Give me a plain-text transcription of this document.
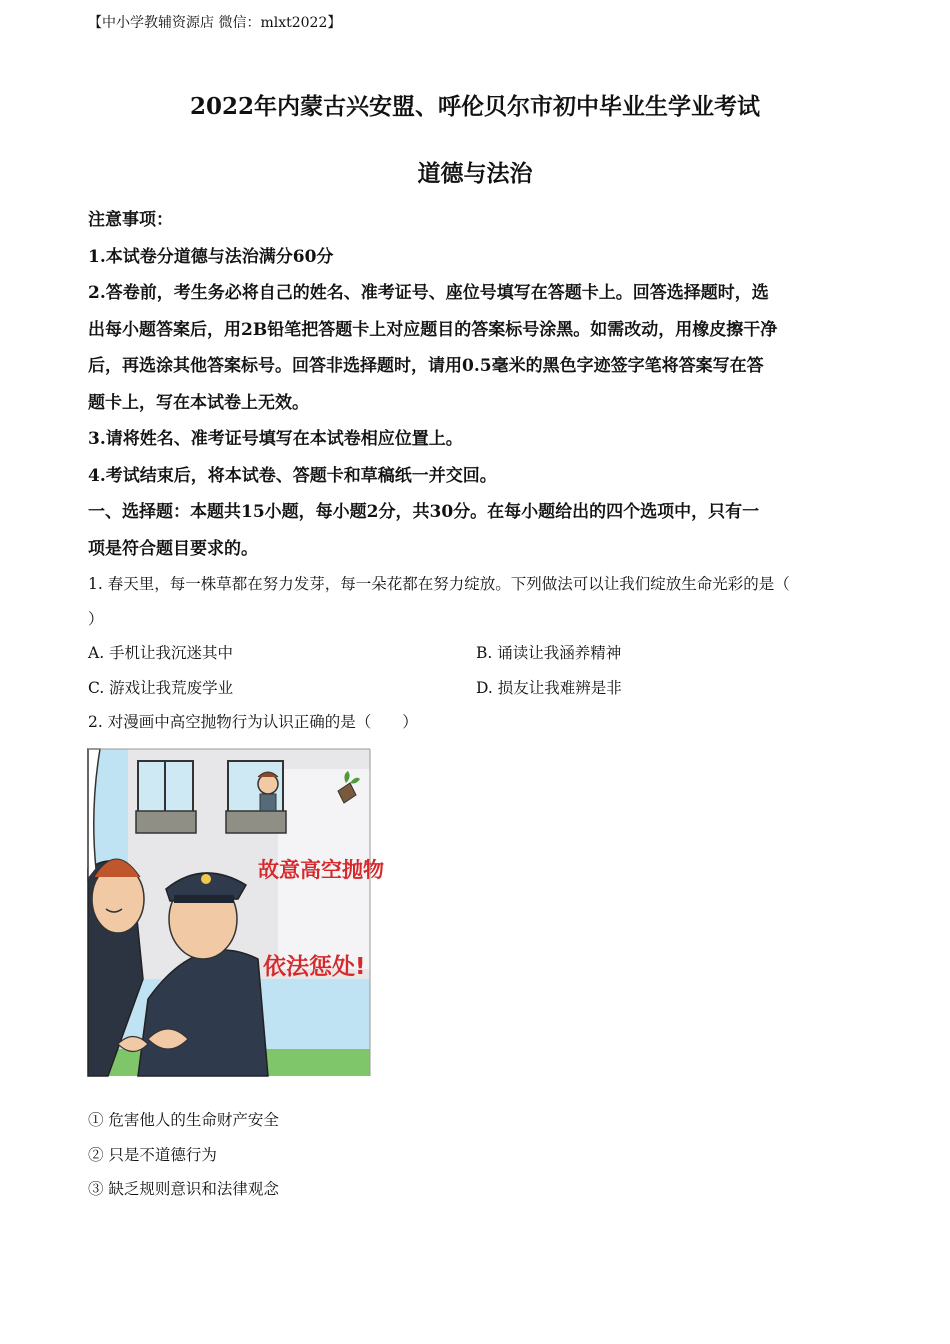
【中小学教辅资源店 微信：mlxt2022】
2022年内蒙古兴安盟、呼伦贝尔市初中毕业生学业考试
道德与法治

注意事项：

1.本试卷分道德与法治满分60分

2.答卷前，考生务必将自己的姓名、准考证号、座位号填写在答题卡上。回答选择题时，选

出每小题答案后，用2B铅笔把答题卡上对应题目的答案标号涂黑。如需改动，用橡皮擦干净

后，再选涂其他答案标号。回答非选择题时，请用0.5毫米的黑色字迹签字笔将答案写在答

题卡上，写在本试卷上无效。

3.请将姓名、准考证号填写在本试卷相应位置上。

4.考试结束后，将本试卷、答题卡和草稿纸一并交回。

一、选择题：本题共15小题，每小题2分，共30分。在每小题给出的四个选项中，只有一

项是符合题目要求的。

1. 春天里，每一株草都在努力发芽，每一朵花都在努力绽放。下列做法可以让我们绽放生命光彩的是（

）

A. 手机让我沉迷其中	B. 诵读让我涵养精神
C. 游戏让我荒废学业	D. 损友让我难辨是非

2. 对漫画中高空抛物行为认识正确的是（　　）

故意高空抛物
依法惩处!

① 危害他人的生命财产安全

② 只是不道德行为

③ 缺乏规则意识和法律观念
